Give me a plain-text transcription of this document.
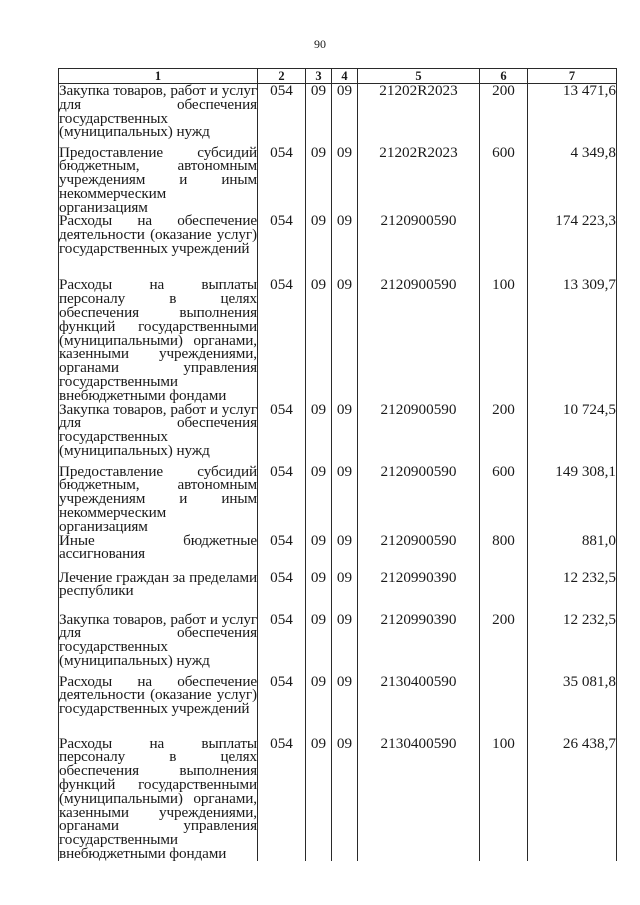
90
1	2	3	4	5	6	7
Закупка товаров, работ и услуг для обеспечения государственных (муниципальных) нужд	054	09	09	21202R2023	200	13 471,6
Предоставление субсидий бюджетным, автономным учреждениям и иным некоммерческим организациям	054	09	09	21202R2023	600	4 349,8
Расходы на обеспечение деятельности (оказание услуг) государственных учреждений	054	09	09	2120900590		174 223,3
Расходы на выплаты персоналу в целях обеспечения выполнения функций государственными (муниципальными) органами, казенными учреждениями, органами управления государственными внебюджетными фондами	054	09	09	2120900590	100	13 309,7
Закупка товаров, работ и услуг для обеспечения государственных (муниципальных) нужд	054	09	09	2120900590	200	10 724,5
Предоставление субсидий бюджетным, автономным учреждениям и иным некоммерческим организациям	054	09	09	2120900590	600	149 308,1
Иные бюджетные ассигнования	054	09	09	2120900590	800	881,0
Лечение граждан за пределами республики	054	09	09	2120990390		12 232,5
Закупка товаров, работ и услуг для обеспечения государственных (муниципальных) нужд	054	09	09	2120990390	200	12 232,5
Расходы на обеспечение деятельности (оказание услуг) государственных учреждений	054	09	09	2130400590		35 081,8
Расходы на выплаты персоналу в целях обеспечения выполнения функций государственными (муниципальными) органами, казенными учреждениями, органами управления государственными внебюджетными фондами	054	09	09	2130400590	100	26 438,7
